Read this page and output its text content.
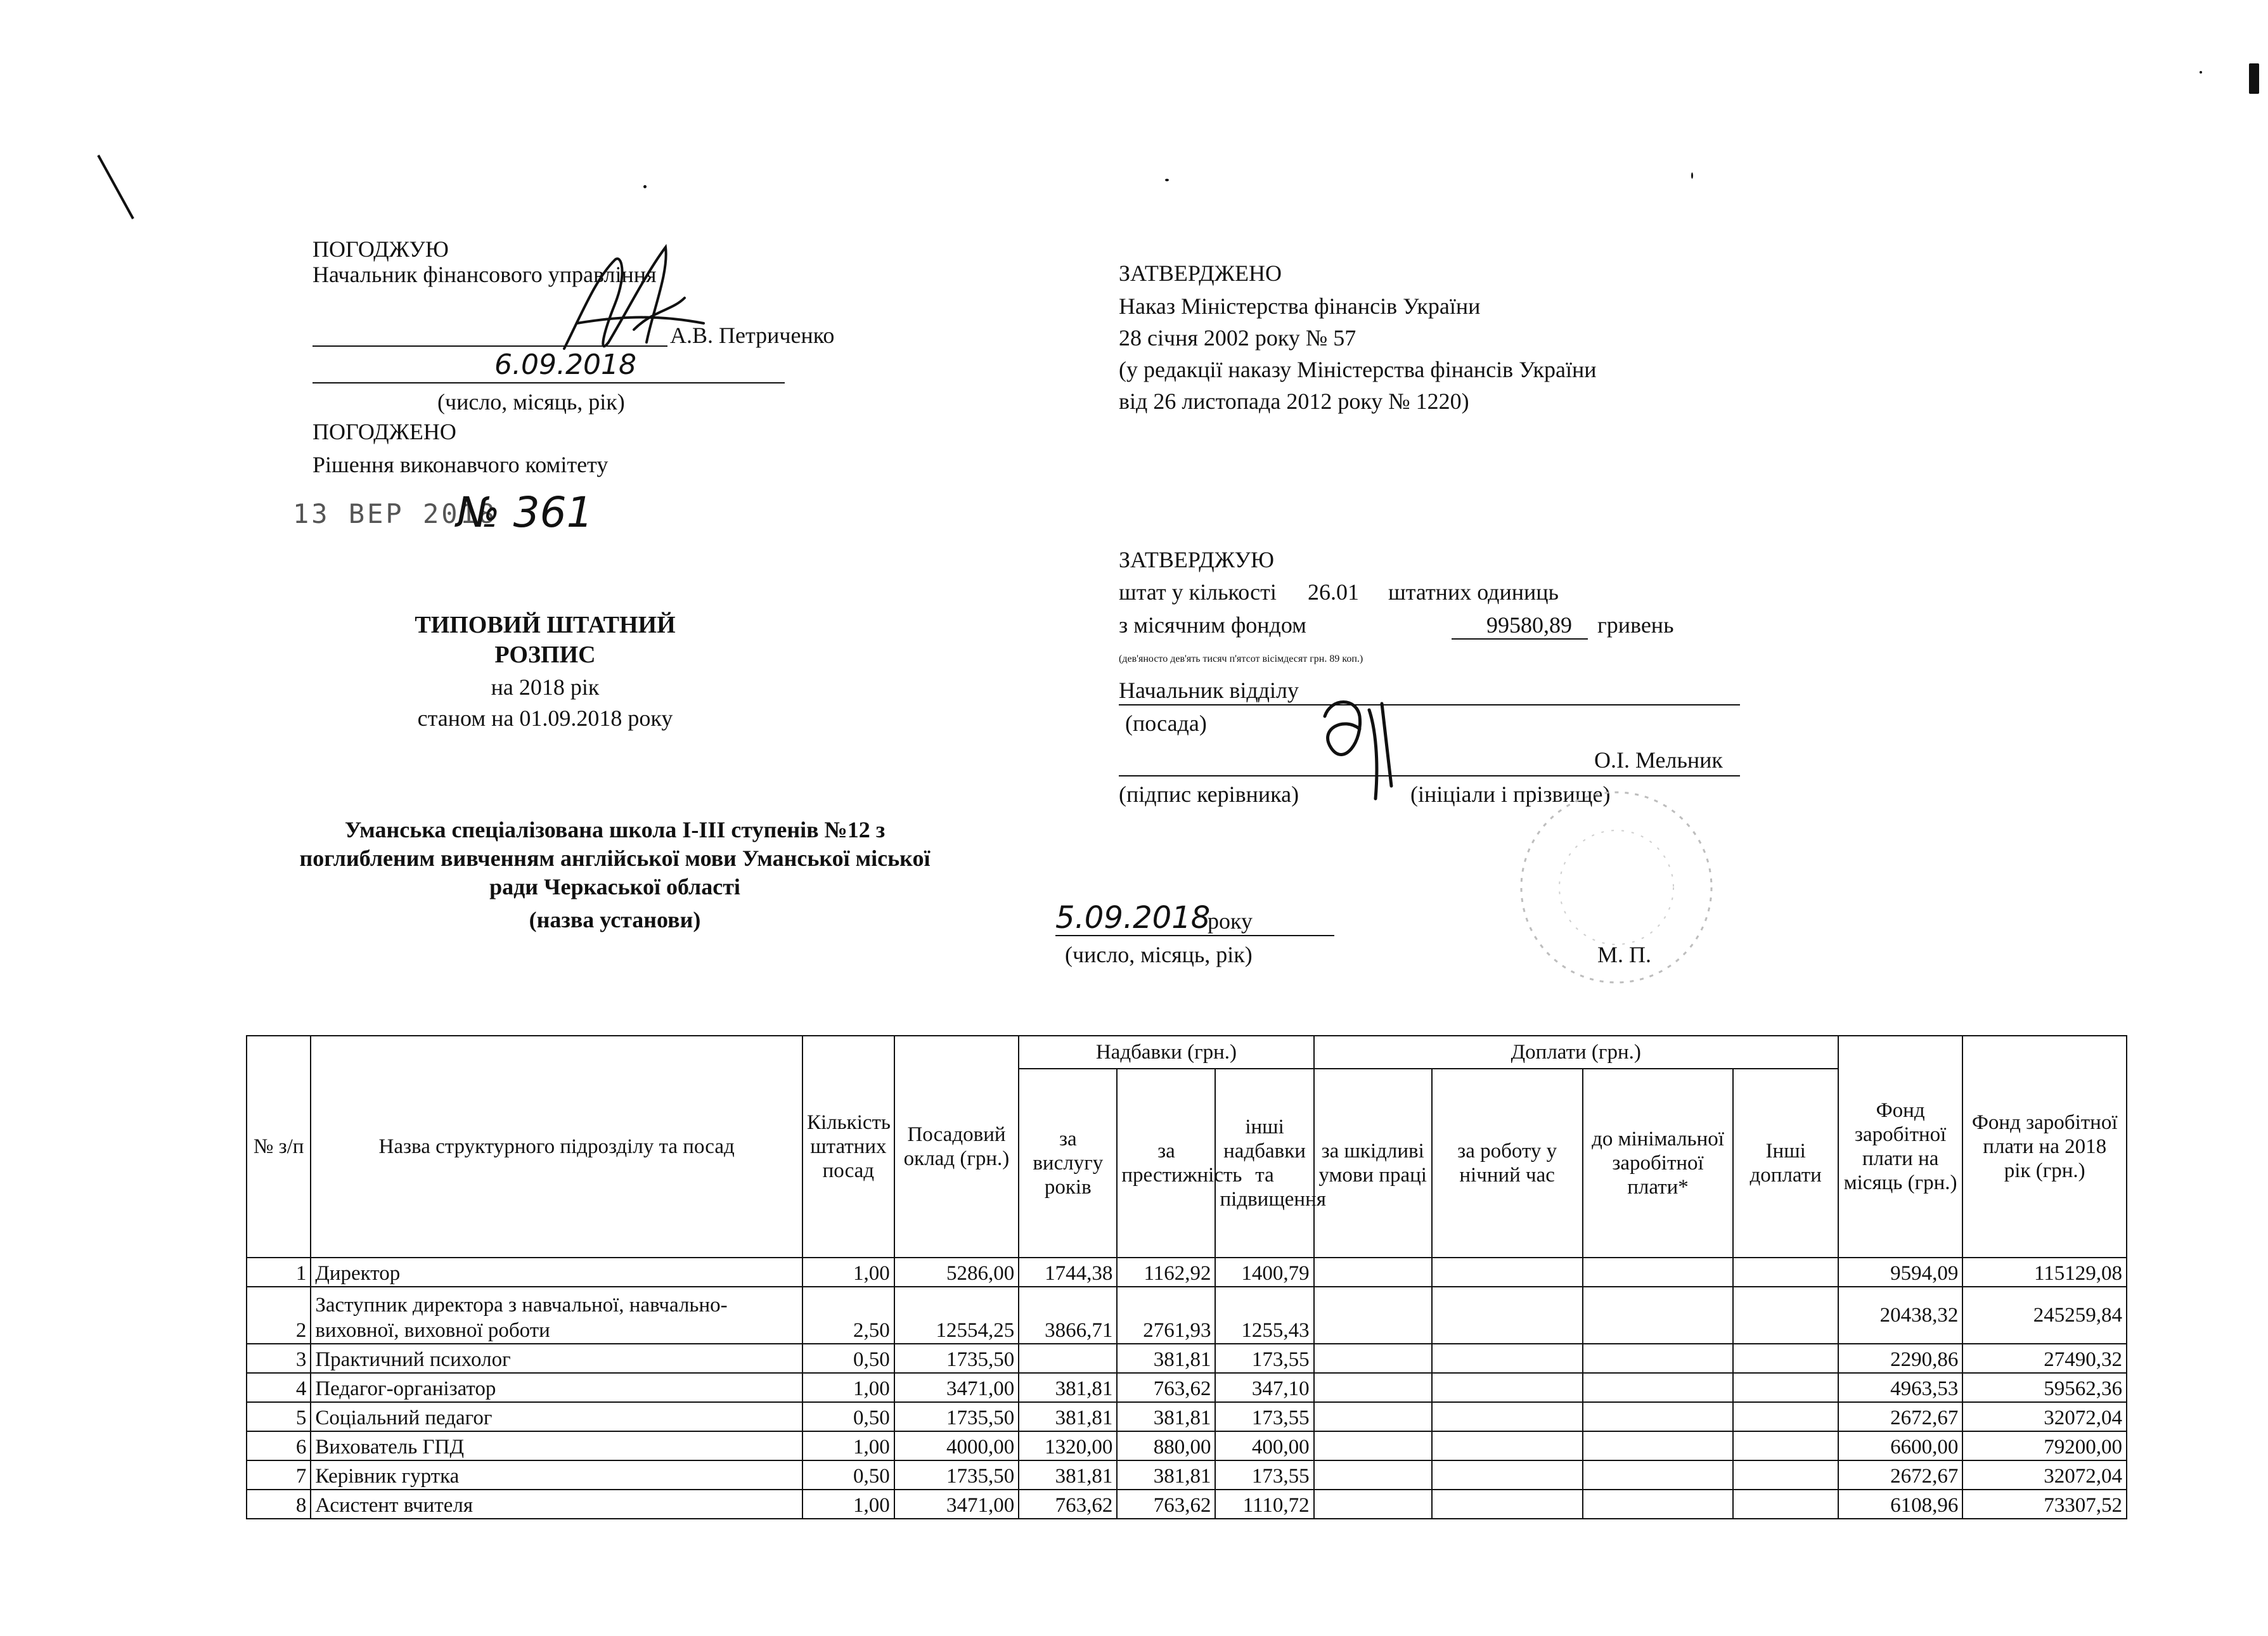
ПОГОДЖУЮ
Начальник фінансового управління
А.В. Петриченко
6.09.2018
(число, місяць, рік)
ПОГОДЖЕНО
Рішення виконавчого комітету
13 ВЕР 2018
№ 361
ТИПОВИЙ ШТАТНИЙ
РОЗПИС
на 2018 рік
станом на 01.09.2018 року
Уманська спеціалізована школа І-ІІІ ступенів №12 з
поглибленим вивченням англійської мови Уманської міської
ради Черкаської області
(назва установи)
ЗАТВЕРДЖЕНО
Наказ Міністерства фінансів України
28 січня 2002 року № 57
(у редакції наказу Міністерства фінансів України
від 26 листопада 2012 року № 1220)
ЗАТВЕРДЖУЮ
штат у кількості 26.01 штатних одиниць
з місячним фондом	99580,89 гривень
(дев'яносто дев'ять тисяч п'ятсот вісімдесят грн. 89 коп.)
Начальник відділу
(посада)
О.І. Мельник
(підпис керівника)	(ініціали і прізвище)
5.09.2018
року
(число, місяць, рік)	М. П.
№ з/п	Назва структурного підрозділу та посад	Кількість штатних посад	Посадовий оклад (грн.)	Надбавки (грн.)			Доплати (грн.)				Фонд заробітної плати на місяць (грн.)	Фонд заробітної плати на 2018 рік (грн.)
				за вислугу років	за престижність	інші надбавки та підвищення	за шкідливі умови праці	за роботу у нічний час	до мінімальної заробітної плати*	Інші доплати		
1	Директор	1,00	5286,00	1744,38	1162,92	1400,79					9594,09	115129,08
2	Заступник директора з навчальної, навчально-виховної, виховної роботи	2,50	12554,25	3866,71	2761,93	1255,43					20438,32	245259,84
3	Практичний психолог	0,50	1735,50		381,81	173,55					2290,86	27490,32
4	Педагог-організатор	1,00	3471,00	381,81	763,62	347,10					4963,53	59562,36
5	Соціальний педагог	0,50	1735,50	381,81	381,81	173,55					2672,67	32072,04
6	Вихователь ГПД	1,00	4000,00	1320,00	880,00	400,00					6600,00	79200,00
7	Керівник гуртка	0,50	1735,50	381,81	381,81	173,55					2672,67	32072,04
8	Асистент вчителя	1,00	3471,00	763,62	763,62	1110,72					6108,96	73307,52
